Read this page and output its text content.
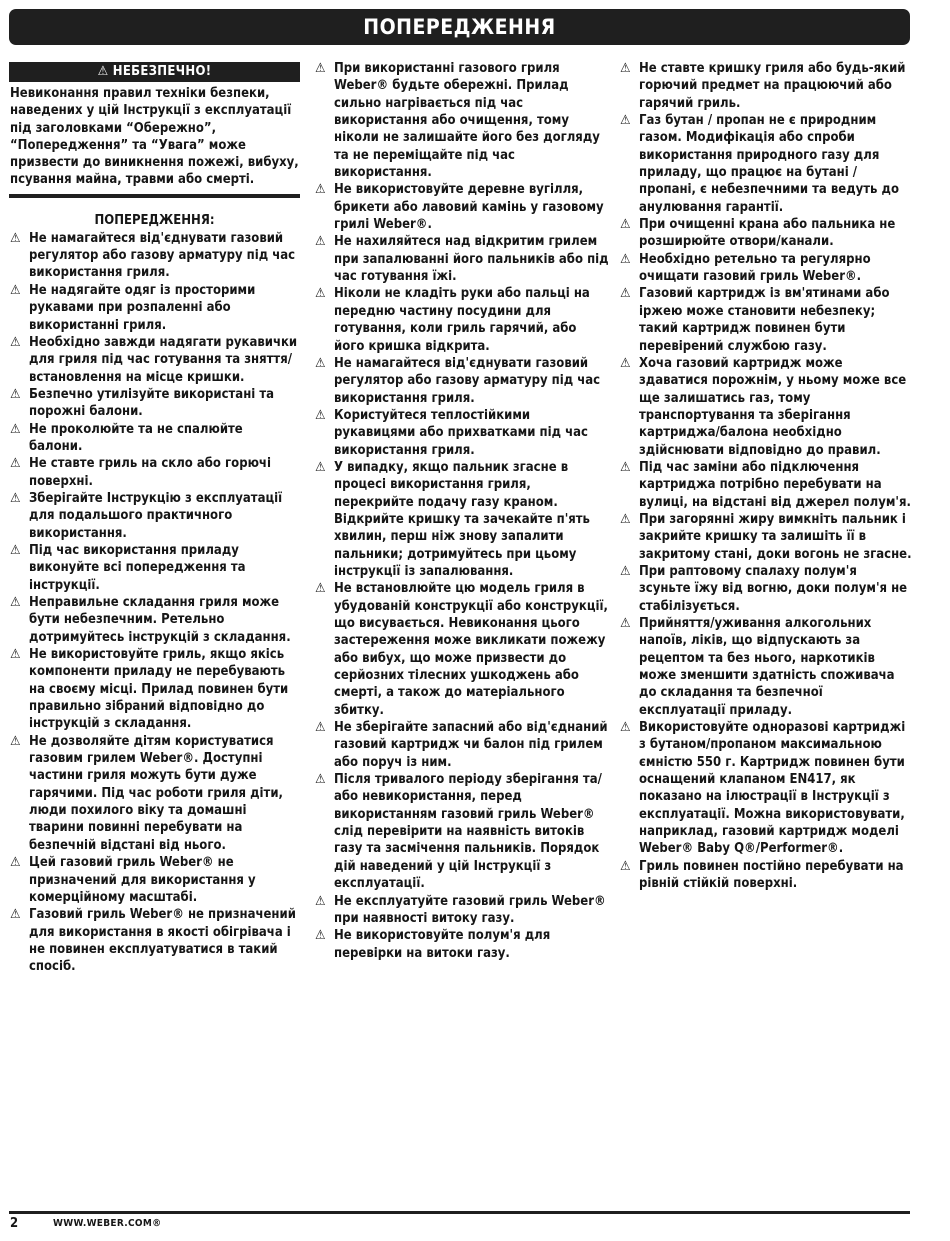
ПОПЕРЕДЖЕННЯ
⚠ НЕБЕЗПЕЧНО!
Невиконання правил техніки безпеки, наведених у цій Інструкції з експлуатації під заголовками “Обережно”, “Попередження” та “Увага” може призвести до виникнення пожежі, вибуху, псування майна, травми або смерті.
ПОПЕРЕДЖЕННЯ:
⚠ Не намагайтеся від'єднувати газовий регулятор або газову арматуру під час використання гриля.
⚠ Не надягайте одяг із просторими рукавами при розпаленні або використанні гриля.
⚠ Необхідно завжди надягати рукавички для гриля під час готування та зняття/встановлення на місце кришки.
⚠ Безпечно утилізуйте використані та порожні балони.
⚠ Не проколюйте та не спалюйте балони.
⚠ Не ставте гриль на скло або горючі поверхні.
⚠ Зберігайте Інструкцію з експлуатації для подальшого практичного використання.
⚠ Під час використання приладу виконуйте всі попередження та інструкції.
⚠ Неправильне складання гриля може бути небезпечним. Ретельно дотримуйтесь інструкцій з складання.
⚠ Не використовуйте гриль, якщо якісь компоненти приладу не перебувають на своєму місці. Прилад повинен бути правильно зібраний відповідно до інструкцій з складання.
⚠ Не дозволяйте дітям користуватися газовим грилем Weber®. Доступні частини гриля можуть бути дуже гарячими. Під час роботи гриля діти, люди похилого віку та домашні тварини повинні перебувати на безпечній відстані від нього.
⚠ Цей газовий гриль Weber® не призначений для використання у комерційному масштабі.
⚠ Газовий гриль Weber® не призначений для використання в якості обігрівача і не повинен експлуатуватися в такий спосіб.
⚠ При використанні газового гриля Weber® будьте обережні. Прилад сильно нагрівається під час використання або очищення, тому ніколи не залишайте його без догляду та не переміщайте під час використання.
⚠ Не використовуйте деревне вугілля, брикети або лавовий камінь у газовому грилі Weber®.
⚠ Не нахиляйтеся над відкритим грилем при запалюванні його пальників або під час готування їжі.
⚠ Ніколи не кладіть руки або пальці на передню частину посудини для готування, коли гриль гарячий, або його кришка відкрита.
⚠ Не намагайтеся від'єднувати газовий регулятор або газову арматуру під час використання гриля.
⚠ Користуйтеся теплостійкими рукавицями або прихватками під час використання гриля.
⚠ У випадку, якщо пальник згасне в процесі використання гриля, перекрийте подачу газу краном. Відкрийте кришку та зачекайте п'ять хвилин, перш ніж знову запалити пальники; дотримуйтесь при цьому інструкції із запалювання.
⚠ Не встановлюйте цю модель гриля в убудованій конструкції або конструкції, що висувається. Невиконання цього застереження може викликати пожежу або вибух, що може призвести до серйозних тілесних ушкоджень або смерті, а також до матеріального збитку.
⚠ Не зберігайте запасний або від'єднаний газовий картридж чи балон під грилем або поруч із ним.
⚠ Після тривалого періоду зберігання та/або невикористання, перед використанням газовий гриль Weber® слід перевірити на наявність витоків газу та засмічення пальників. Порядок дій наведений у цій Інструкції з експлуатації.
⚠ Не експлуатуйте газовий гриль Weber® при наявності витоку газу.
⚠ Не використовуйте полум'я для перевірки на витоки газу.
⚠ Не ставте кришку гриля або будь-який горючий предмет на працюючий або гарячий гриль.
⚠ Газ бутан / пропан не є природним газом. Модифікація або спроби використання природного газу для приладу, що працює на бутані / пропані, є небезпечними та ведуть до анулювання гарантії.
⚠ При очищенні крана або пальника не розширюйте отвори/канали.
⚠ Необхідно ретельно та регулярно очищати газовий гриль Weber®.
⚠ Газовий картридж із вм'ятинами або іржею може становити небезпеку; такий картридж повинен бути перевірений службою газу.
⚠ Хоча газовий картридж може здаватися порожнім, у ньому може все ще залишатись газ, тому транспортування та зберігання картриджа/балона необхідно здійснювати відповідно до правил.
⚠ Під час заміни або підключення картриджа потрібно перебувати на вулиці, на відстані від джерел полум'я.
⚠ При загорянні жиру вимкніть пальник і закрийте кришку та залишіть її в закритому стані, доки вогонь не згасне.
⚠ При раптовому спалаху полум'я зсуньте їжу від вогню, доки полум'я не стабілізується.
⚠ Прийняття/уживання алкогольних напоїв, ліків, що відпускають за рецептом та без нього, наркотиків може зменшити здатність споживача до складання та безпечної експлуатації приладу.
⚠ Використовуйте одноразові картриджі з бутаном/пропаном максимальною ємністю 550 г. Картридж повинен бути оснащений клапаном EN417, як показано на ілюстрації в Інструкції з експлуатації. Можна використовувати, наприклад, газовий картридж моделі Weber® Baby Q®/Performer®.
⚠ Гриль повинен постійно перебувати на рівній стійкій поверхні.
2	WWW.WEBER.COM®
